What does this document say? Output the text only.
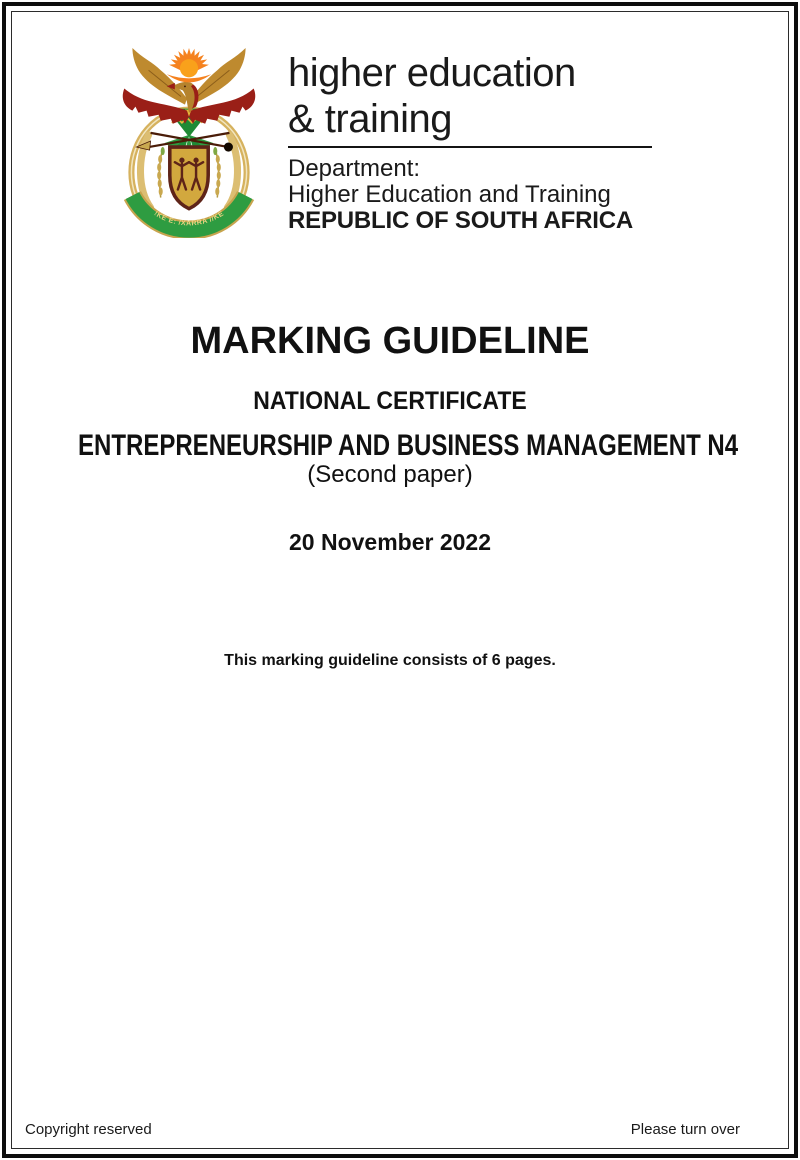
!KE E: /XARRA //KE
higher education
& training
Department:
Higher Education and Training
REPUBLIC OF SOUTH AFRICA
MARKING GUIDELINE
NATIONAL CERTIFICATE
ENTREPRENEURSHIP AND BUSINESS MANAGEMENT N4
(Second paper)
20 November 2022
This marking guideline consists of 6 pages.
Copyright reserved	Please turn over
